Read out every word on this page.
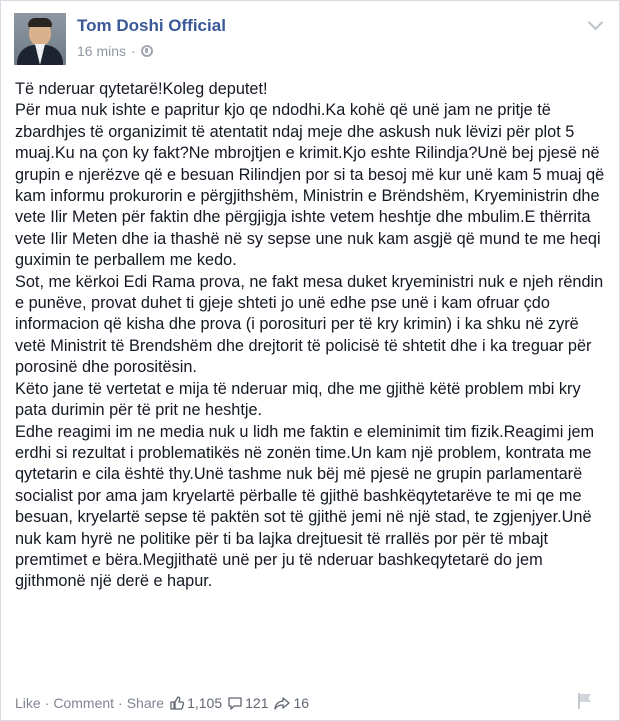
Tom Doshi Official
16 mins ·

Të nderuar qytetarë!Koleg deputet!

Për mua nuk ishte e papritur kjo qe ndodhi.Ka kohë që unë jam ne pritje të zbardhjes të organizimit të atentatit ndaj meje dhe askush nuk lëvizi për plot 5 muaj.Ku na çon ky fakt?Ne mbrojtjen e krimit.Kjo eshte Rilindja?Unë bej pjesë në grupin e njerëzve që e besuan Rilindjen por si ta besoj më kur unë kam 5 muaj që kam informu prokurorin e përgjithshëm, Ministrin e Brëndshëm, Kryeministrin dhe vete Ilir Meten për faktin dhe përgjigja ishte vetem heshtje dhe mbulim.E thërrita vete Ilir Meten dhe ia thashë në sy sepse une nuk kam asgjë që mund te me heqi guximin te perballem me kedo.

Sot, me kërkoi Edi Rama prova, ne fakt mesa duket kryeministri nuk e njeh rëndin e punëve, provat duhet ti gjeje shteti jo unë edhe pse unë i kam ofruar çdo informacion që kisha dhe prova (i porosituri per të kry krimin) i ka shku në zyrë vetë Ministrit të Brendshëm dhe drejtorit të policisë të shtetit dhe i ka treguar për porosinë dhe porositësin.

Këto jane të vertetat e mija të nderuar miq, dhe me gjithë këtë problem mbi kry pata durimin për të prit ne heshtje.

Edhe reagimi im ne media nuk u lidh me faktin e eleminimit tim fizik.Reagimi jem erdhi si rezultat i problematikës në zonën time.Un kam një problem, kontrata me qytetarin e cila është thy.Unë tashme nuk bëj më pjesë ne grupin parlamentarë socialist por ama jam kryelartë përballe të gjithë bashkëqytetarëve te mi qe me besuan, kryelartë sepse të paktën sot të gjithë jemi në një stad, te zgjenjyer.Unë nuk kam hyrë ne politike për ti ba lajka drejtuesit të rrallës por për të mbajt premtimet e bëra.Megjithatë unë per ju të nderuar bashkeqytetarë do jem gjithmonë një derë e hapur.

Like · Comment · Share 1,105 121 16
